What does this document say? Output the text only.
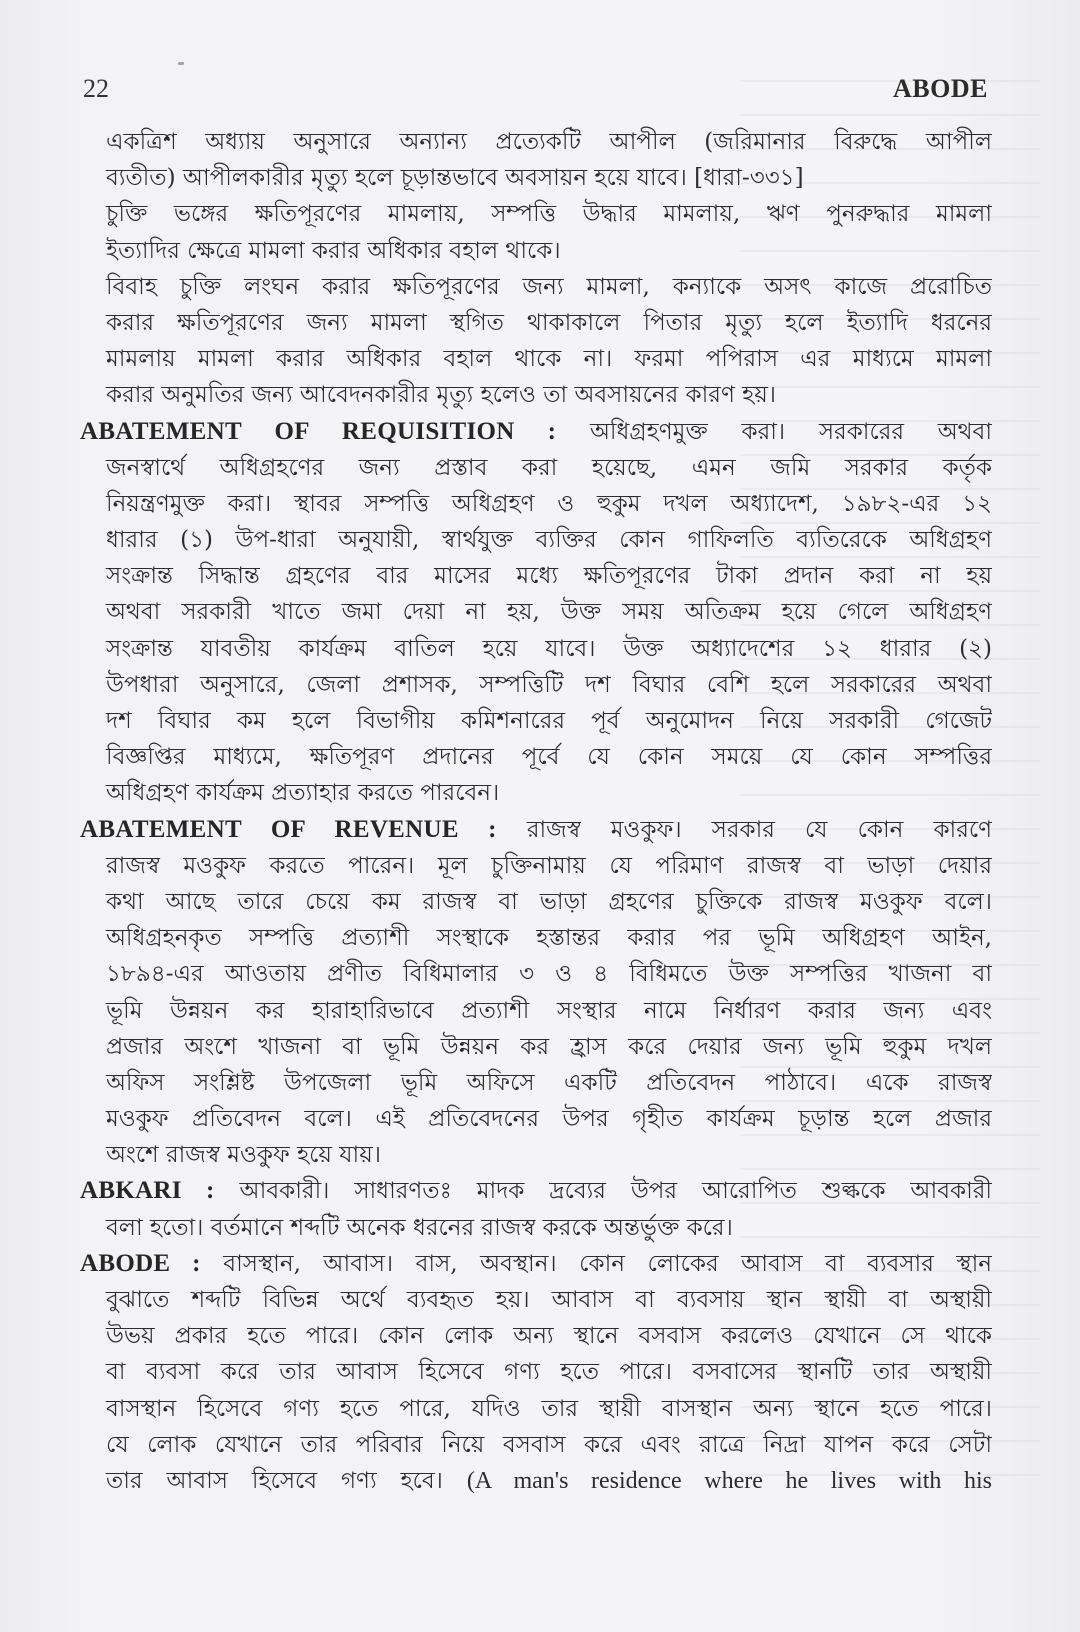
22	ABODE
একত্রিশ অধ্যায় অনুসারে অন্যান্য প্রত্যেকটি আপীল (জরিমানার বিরুদ্ধে আপীল
ব্যতীত) আপীলকারীর মৃত্যু হলে চূড়ান্তভাবে অবসায়ন হয়ে যাবে। [ধারা-৩৩১]
চুক্তি ভঙ্গের ক্ষতিপূরণের মামলায়, সম্পত্তি উদ্ধার মামলায়, ঋণ পুনরুদ্ধার মামলা
ইত্যাদির ক্ষেত্রে মামলা করার অধিকার বহাল থাকে।
বিবাহ চুক্তি লংঘন করার ক্ষতিপূরণের জন্য মামলা, কন্যাকে অসৎ কাজে প্ররোচিত
করার ক্ষতিপূরণের জন্য মামলা স্থগিত থাকাকালে পিতার মৃত্যু হলে ইত্যাদি ধরনের
মামলায় মামলা করার অধিকার বহাল থাকে না। ফরমা পপিরাস এর মাধ্যমে মামলা
করার অনুমতির জন্য আবেদনকারীর মৃত্যু হলেও তা অবসায়নের কারণ হয়।
ABATEMENT OF REQUISITION : অধিগ্রহণমুক্ত করা। সরকারের অথবা
জনস্বার্থে অধিগ্রহণের জন্য প্রস্তাব করা হয়েছে, এমন জমি সরকার কর্তৃক
নিয়ন্ত্রণমুক্ত করা। স্থাবর সম্পত্তি অধিগ্রহণ ও হুকুম দখল অধ্যাদেশ, ১৯৮২-এর ১২
ধারার (১) উপ-ধারা অনুযায়ী, স্বার্থযুক্ত ব্যক্তির কোন গাফিলতি ব্যতিরেকে অধিগ্রহণ
সংক্রান্ত সিদ্ধান্ত গ্রহণের বার মাসের মধ্যে ক্ষতিপূরণের টাকা প্রদান করা না হয়
অথবা সরকারী খাতে জমা দেয়া না হয়, উক্ত সময় অতিক্রম হয়ে গেলে অধিগ্রহণ
সংক্রান্ত যাবতীয় কার্যক্রম বাতিল হয়ে যাবে। উক্ত অধ্যাদেশের ১২ ধারার (২)
উপধারা অনুসারে, জেলা প্রশাসক, সম্পত্তিটি দশ বিঘার বেশি হলে সরকারের অথবা
দশ বিঘার কম হলে বিভাগীয় কমিশনারের পূর্ব অনুমোদন নিয়ে সরকারী গেজেট
বিজ্ঞপ্তির মাধ্যমে, ক্ষতিপূরণ প্রদানের পূর্বে যে কোন সময়ে যে কোন সম্পত্তির
অধিগ্রহণ কার্যক্রম প্রত্যাহার করতে পারবেন।
ABATEMENT OF REVENUE : রাজস্ব মওকুফ। সরকার যে কোন কারণে
রাজস্ব মওকুফ করতে পারেন। মূল চুক্তিনামায় যে পরিমাণ রাজস্ব বা ভাড়া দেয়ার
কথা আছে তারে চেয়ে কম রাজস্ব বা ভাড়া গ্রহণের চুক্তিকে রাজস্ব মওকুফ বলে।
অধিগ্রহনকৃত সম্পত্তি প্রত্যাশী সংস্থাকে হস্তান্তর করার পর ভূমি অধিগ্রহণ আইন,
১৮৯৪-এর আওতায় প্রণীত বিধিমালার ৩ ও ৪ বিধিমতে উক্ত সম্পত্তির খাজনা বা
ভূমি উন্নয়ন কর হারাহারিভাবে প্রত্যাশী সংস্থার নামে নির্ধারণ করার জন্য এবং
প্রজার অংশে খাজনা বা ভূমি উন্নয়ন কর হ্রাস করে দেয়ার জন্য ভূমি হুকুম দখল
অফিস সংশ্লিষ্ট উপজেলা ভূমি অফিসে একটি প্রতিবেদন পাঠাবে। একে রাজস্ব
মওকুফ প্রতিবেদন বলে। এই প্রতিবেদনের উপর গৃহীত কার্যক্রম চূড়ান্ত হলে প্রজার
অংশে রাজস্ব মওকুফ হয়ে যায়।
ABKARI : আবকারী। সাধারণতঃ মাদক দ্রব্যের উপর আরোপিত শুল্ককে আবকারী
বলা হতো। বর্তমানে শব্দটি অনেক ধরনের রাজস্ব করকে অন্তর্ভুক্ত করে।
ABODE : বাসস্থান, আবাস। বাস, অবস্থান। কোন লোকের আবাস বা ব্যবসার স্থান
বুঝাতে শব্দটি বিভিন্ন অর্থে ব্যবহৃত হয়। আবাস বা ব্যবসায় স্থান স্থায়ী বা অস্থায়ী
উভয় প্রকার হতে পারে। কোন লোক অন্য স্থানে বসবাস করলেও যেখানে সে থাকে
বা ব্যবসা করে তার আবাস হিসেবে গণ্য হতে পারে। বসবাসের স্থানটি তার অস্থায়ী
বাসস্থান হিসেবে গণ্য হতে পারে, যদিও তার স্থায়ী বাসস্থান অন্য স্থানে হতে পারে।
যে লোক যেখানে তার পরিবার নিয়ে বসবাস করে এবং রাত্রে নিদ্রা যাপন করে সেটা
তার আবাস হিসেবে গণ্য হবে। (A man's residence where he lives with his
